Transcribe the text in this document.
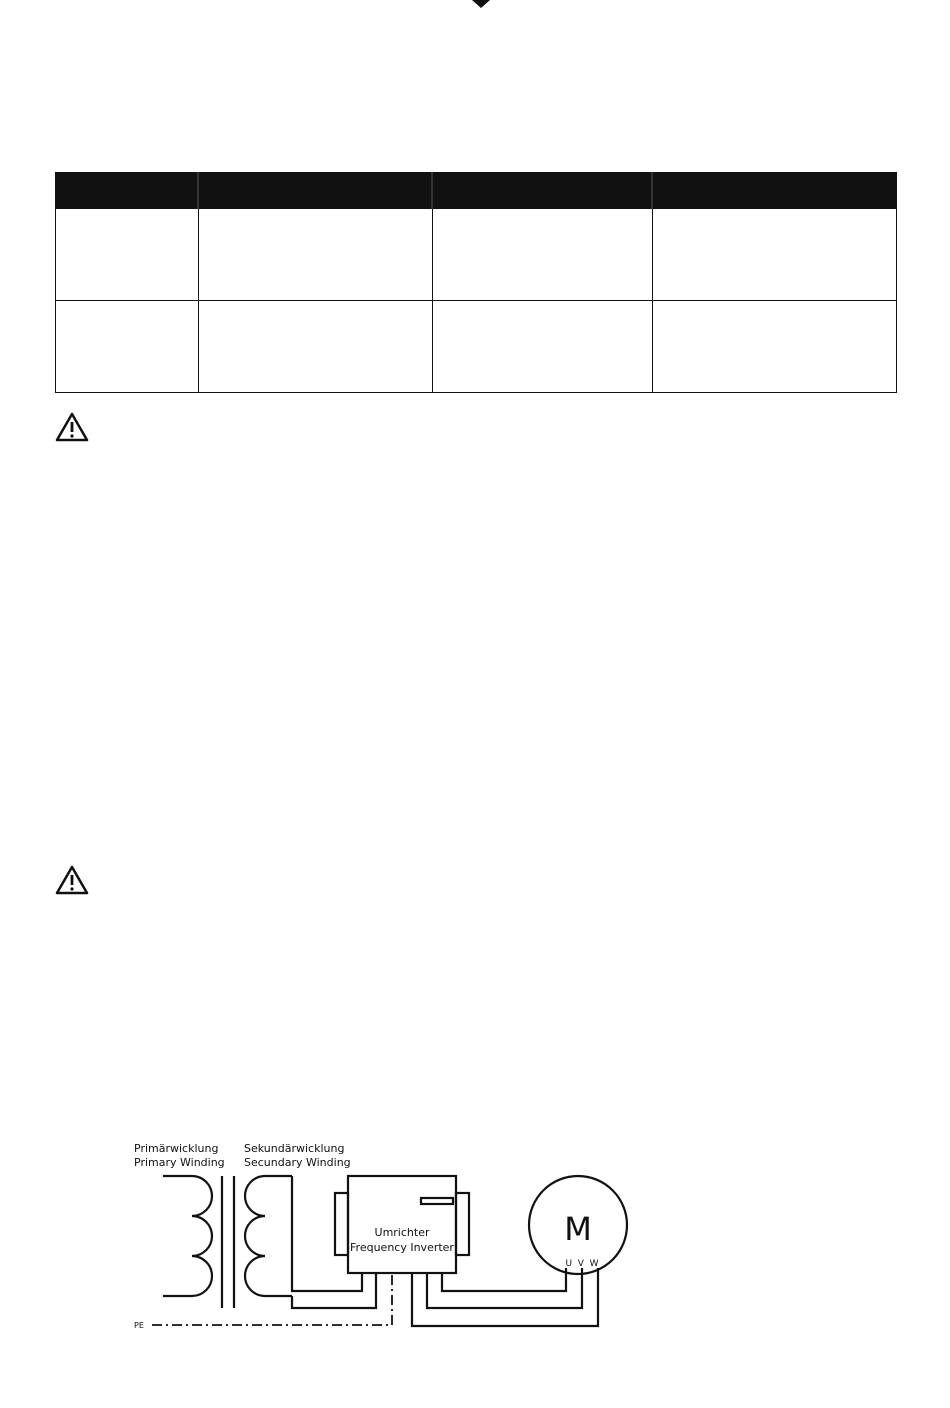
Primärwicklung
Primary Winding
Sekundärwicklung
Secundary Winding
Umrichter
Frequency Inverter	M
U  V  W
PE
